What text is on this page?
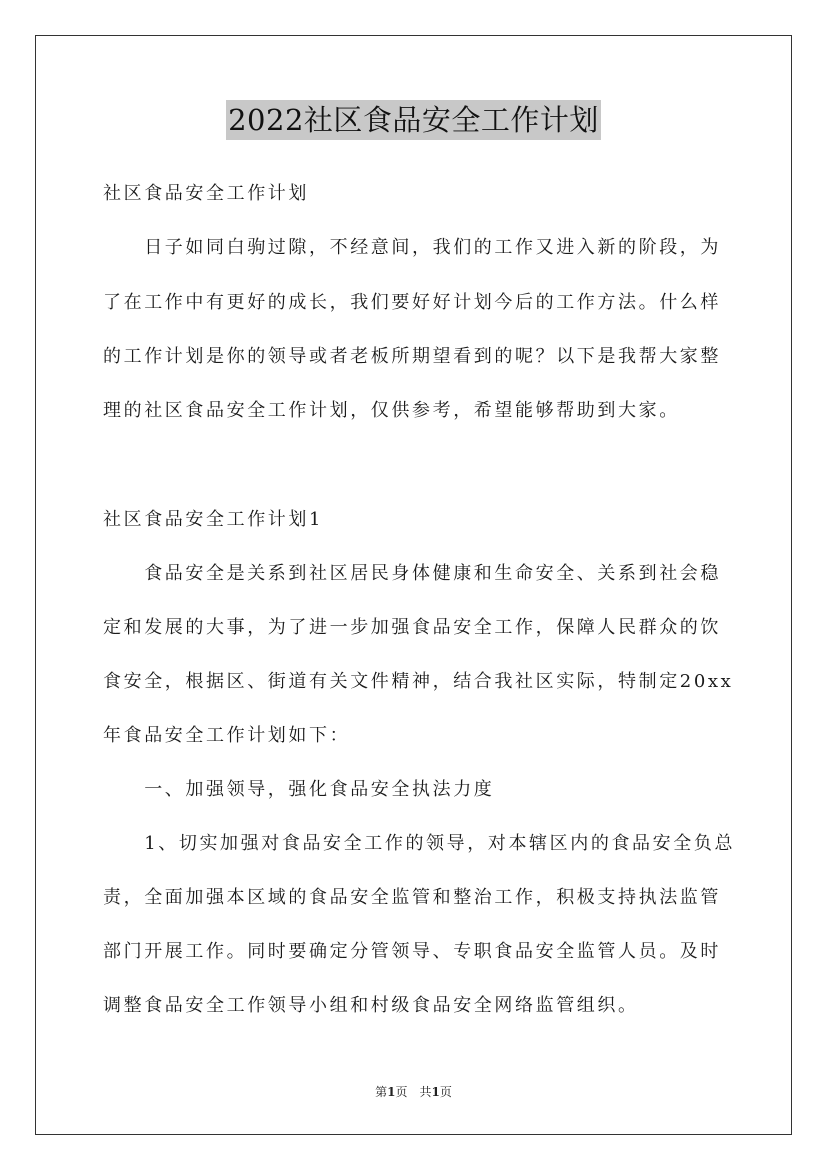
2022社区食品安全工作计划
社区食品安全工作计划
　　日子如同白驹过隙，不经意间，我们的工作又进入新的阶段，为
了在工作中有更好的成长，我们要好好计划今后的工作方法。什么样
的工作计划是你的领导或者老板所期望看到的呢？以下是我帮大家整
理的社区食品安全工作计划，仅供参考，希望能够帮助到大家。
社区食品安全工作计划1
　　食品安全是关系到社区居民身体健康和生命安全、关系到社会稳
定和发展的大事，为了进一步加强食品安全工作，保障人民群众的饮
食安全，根据区、街道有关文件精神，结合我社区实际，特制定20xx
年食品安全工作计划如下：
　　一、加强领导，强化食品安全执法力度
　　1、切实加强对食品安全工作的领导，对本辖区内的食品安全负总
责，全面加强本区域的食品安全监管和整治工作，积极支持执法监管
部门开展工作。同时要确定分管领导、专职食品安全监管人员。及时
调整食品安全工作领导小组和村级食品安全网络监管组织。
第1页　共1页
